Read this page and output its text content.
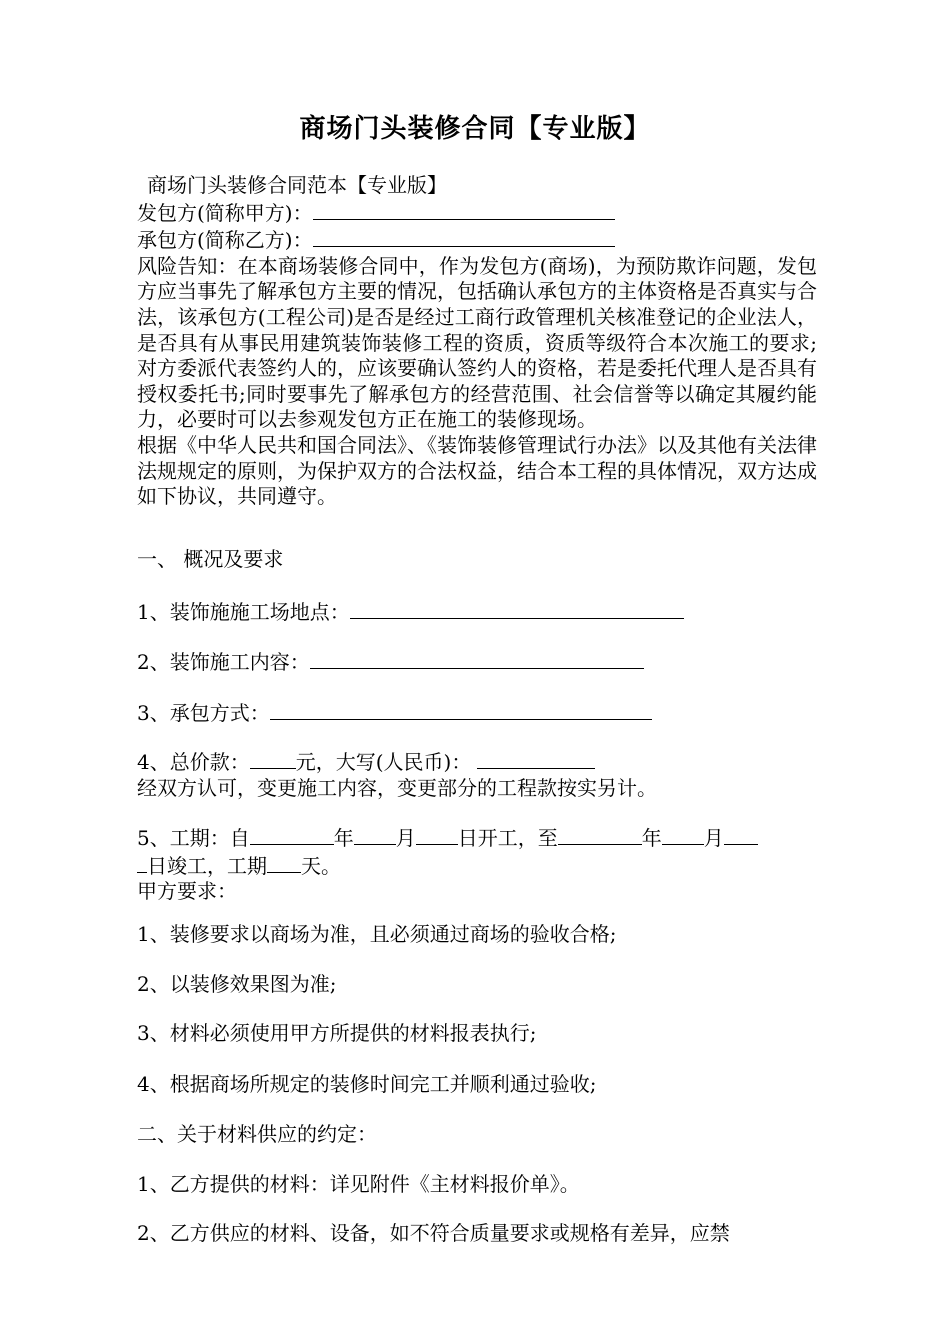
商场门头装修合同【专业版】
商场门头装修合同范本【专业版】
发包方(简称甲方)：
承包方(简称乙方)：
风险告知：在本商场装修合同中，作为发包方(商场)，为预防欺诈问题，发包方应当事先了解承包方主要的情况，包括确认承包方的主体资格是否真实与合法，该承包方(工程公司)是否是经过工商行政管理机关核准登记的企业法人，是否具有从事民用建筑装饰装修工程的资质，资质等级符合本次施工的要求;对方委派代表签约人的，应该要确认签约人的资格，若是委托代理人是否具有授权委托书;同时要事先了解承包方的经营范围、社会信誉等以确定其履约能力，必要时可以去参观发包方正在施工的装修现场。
根据《中华人民共和国合同法》、《装饰装修管理试行办法》以及其他有关法律法规规定的原则，为保护双方的合法权益，结合本工程的具体情况，双方达成如下协议，共同遵守。
一、 概况及要求
1、装饰施施工场地点：
2、装饰施工内容：
3、承包方式：
4、总价款： 元，大写(人民币)：
经双方认可，变更施工内容，变更部分的工程款按实另计。
5、工期：自	年 月 日开工，至	年 月
日竣工，工期 天。
甲方要求：
1、装修要求以商场为准，且必须通过商场的验收合格;
2、以装修效果图为准;
3、材料必须使用甲方所提供的材料报表执行;
4、根据商场所规定的装修时间完工并顺利通过验收;
二、关于材料供应的约定：
1、乙方提供的材料：详见附件《主材料报价单》。
2、乙方供应的材料、设备，如不符合质量要求或规格有差异，应禁
